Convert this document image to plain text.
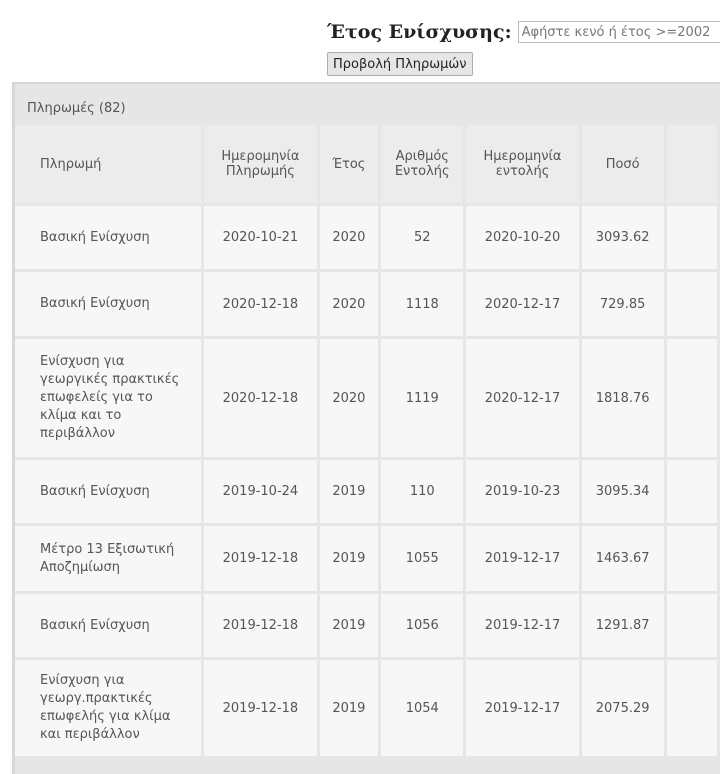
Έτος Ενίσχυσης:
Αφήστε κενό ή έτος >=2002
Προβολή Πληρωμών
Πληρωμές (82)
Πληρωμή	Ημερομηνία Πληρωμής	Έτος	Αριθμός Εντολής	Ημερομηνία εντολής	Ποσό	
Βασική Ενίσχυση	2020-10-21	2020	52	2020-10-20	3093.62	
Βασική Ενίσχυση	2020-12-18	2020	1118	2020-12-17	729.85	
Ενίσχυση για γεωργικές πρακτικές επωφελείς για το κλίμα και το περιβάλλον	2020-12-18	2020	1119	2020-12-17	1818.76	
Βασική Ενίσχυση	2019-10-24	2019	110	2019-10-23	3095.34	
Μέτρο 13 Εξισωτική Αποζημίωση	2019-12-18	2019	1055	2019-12-17	1463.67	
Βασική Ενίσχυση	2019-12-18	2019	1056	2019-12-17	1291.87	
Ενίσχυση για γεωργ.πρακτικές επωφελής για κλίμα και περιβάλλον	2019-12-18	2019	1054	2019-12-17	2075.29	
